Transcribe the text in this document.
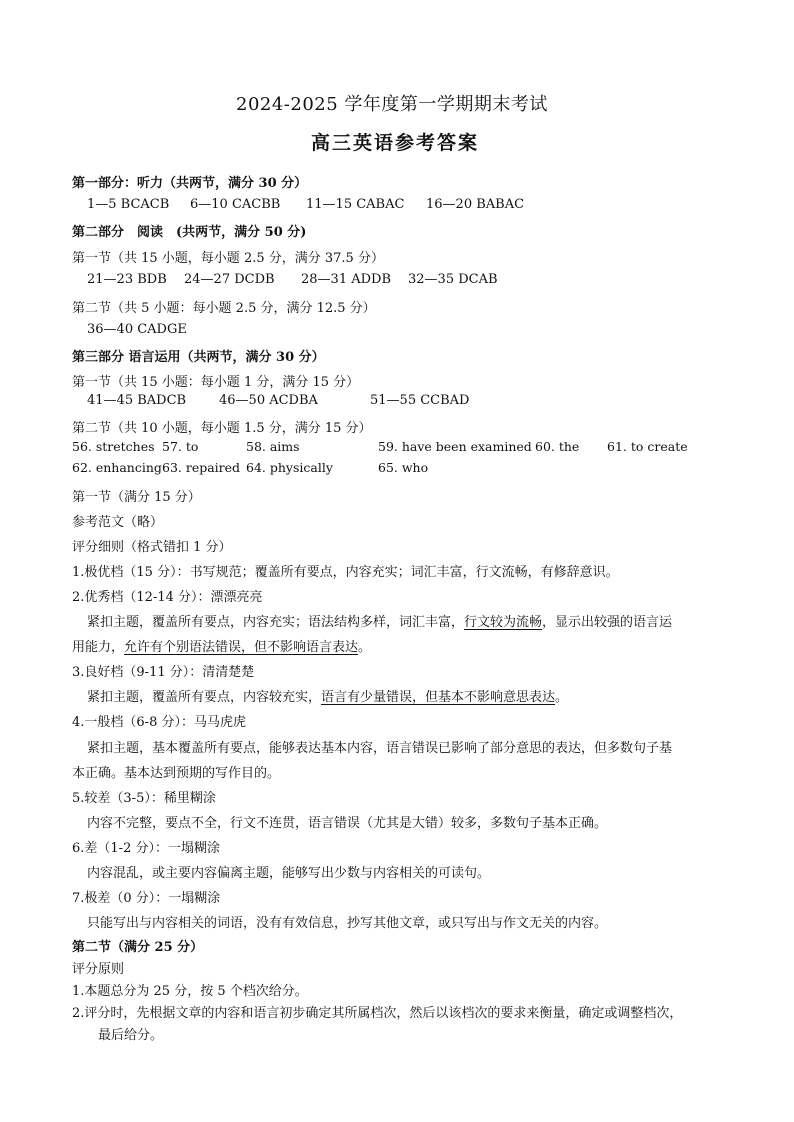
2024-2025 学年度第一学期期末考试
高三英语参考答案
第一部分：听力（共两节，满分 30 分）
1—5 BCACB 6—10 CACBB 11—15 CABAC 16—20 BABAC
第二部分　阅读　(共两节，满分 50 分)
第一节（共 15 小题，每小题 2.5 分，满分 37.5 分）
21—23 BDB 24—27 DCDB 28—31 ADDB 32—35 DCAB
第二节（共 5 小题：每小题 2.5 分，满分 12.5 分）
36—40 CADGE
第三部分 语言运用（共两节，满分 30 分）
第一节（共 15 小题：每小题 1 分，满分 15 分）
41—45 BADCB	46—50 ACDBA	51—55 CCBAD
第二节（共 10 小题，每小题 1.5 分，满分 15 分）
56. stretches 57. to	58. aims	59. have been examined 60. the 61. to create
62. enhancing 63. repaired 64. physically	65. who
第一节（满分 15 分）
参考范文（略）
评分细则（格式错扣 1 分）
1.极优档（15 分）：书写规范；覆盖所有要点，内容充实；词汇丰富，行文流畅，有修辞意识。
2.优秀档（12-14 分）：漂漂亮亮
紧扣主题，覆盖所有要点，内容充实；语法结构多样，词汇丰富，行文较为流畅，显示出较强的语言运
用能力，允许有个别语法错误，但不影响语言表达。
3.良好档（9-11 分）：清清楚楚
紧扣主题，覆盖所有要点，内容较充实，语言有少量错误，但基本不影响意思表达。
4.一般档（6-8 分）：马马虎虎
紧扣主题，基本覆盖所有要点，能够表达基本内容，语言错误已影响了部分意思的表达，但多数句子基
本正确。基本达到预期的写作目的。
5.较差（3-5）：稀里糊涂
内容不完整，要点不全，行文不连贯，语言错误（尤其是大错）较多，多数句子基本正确。
6.差（1-2 分）：一塌糊涂
内容混乱，或主要内容偏离主题，能够写出少数与内容相关的可读句。
7.极差（0 分）：一塌糊涂
只能写出与内容相关的词语，没有有效信息，抄写其他文章，或只写出与作文无关的内容。
第二节（满分 25 分）
评分原则
1.本题总分为 25 分，按 5 个档次给分。
2.评分时，先根据文章的内容和语言初步确定其所属档次，然后以该档次的要求来衡量，确定或调整档次，
最后给分。
